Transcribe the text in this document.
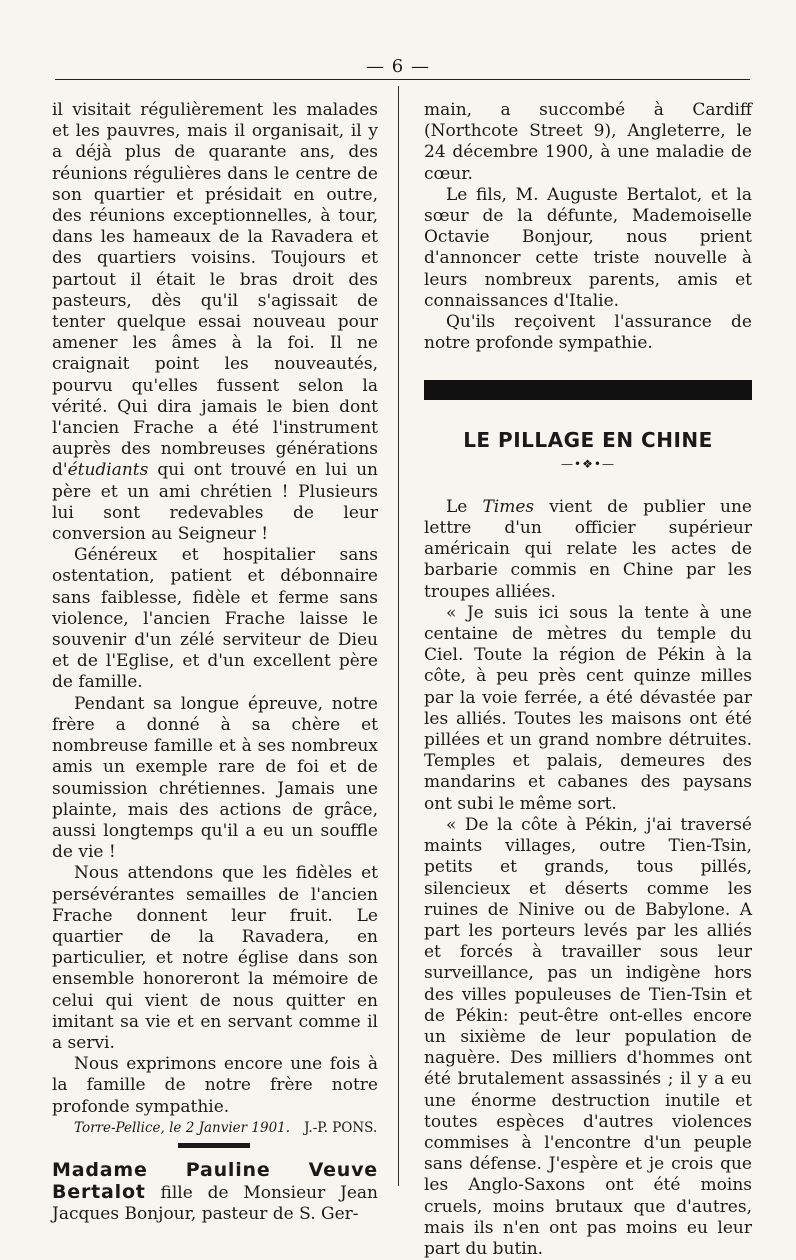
— 6 —

il visitait régulièrement les malades et les pauvres, mais il organisait, il y a déjà plus de quarante ans, des réunions régulières dans le centre de son quartier et présidait en outre, des réunions exceptionnelles, à tour, dans les hameaux de la Ravadera et des quartiers voisins. Toujours et partout il était le bras droit des pasteurs, dès qu'il s'agissait de tenter quelque essai nouveau pour amener les âmes à la foi. Il ne craignait point les nouveautés, pourvu qu'elles fussent selon la vérité. Qui dira jamais le bien dont l'ancien Frache a été l'instrument auprès des nombreuses générations d'étudiants qui ont trouvé en lui un père et un ami chrétien ! Plusieurs lui sont redevables de leur conversion au Seigneur !

Généreux et hospitalier sans ostentation, patient et débonnaire sans faiblesse, fidèle et ferme sans violence, l'ancien Frache laisse le souvenir d'un zélé serviteur de Dieu et de l'Eglise, et d'un excellent père de famille.

Pendant sa longue épreuve, notre frère a donné à sa chère et nombreuse famille et à ses nombreux amis un exemple rare de foi et de soumission chrétiennes. Jamais une plainte, mais des actions de grâce, aussi longtemps qu'il a eu un souffle de vie !

Nous attendons que les fidèles et persévérantes semailles de l'ancien Frache donnent leur fruit. Le quartier de la Ravadera, en particulier, et notre église dans son ensemble honoreront la mémoire de celui qui vient de nous quitter en imitant sa vie et en servant comme il a servi.

Nous exprimons encore une fois à la famille de notre frère notre profonde sympathie.

Torre-Pellice, le 2 Janvier 1901. J.-P. PONS.

Madame Pauline Veuve Bertalot fille de Monsieur Jean Jacques Bonjour, pasteur de S. Ger-

main, a succombé à Cardiff (Northcote Street 9), Angleterre, le 24 décembre 1900, à une maladie de cœur.

Le fils, M. Auguste Bertalot, et la sœur de la défunte, Mademoiselle Octavie Bonjour, nous prient d'annoncer cette triste nouvelle à leurs nombreux parents, amis et connaissances d'Italie.

Qu'ils reçoivent l'assurance de notre profonde sympathie.

LE PILLAGE EN CHINE
—•❖•—

Le Times vient de publier une lettre d'un officier supérieur américain qui relate les actes de barbarie commis en Chine par les troupes alliées.

« Je suis ici sous la tente à une centaine de mètres du temple du Ciel. Toute la région de Pékin à la côte, à peu près cent quinze milles par la voie ferrée, a été dévastée par les alliés. Toutes les maisons ont été pillées et un grand nombre détruites. Temples et palais, demeures des mandarins et cabanes des paysans ont subi le même sort.

« De la côte à Pékin, j'ai traversé maints villages, outre Tien-Tsin, petits et grands, tous pillés, silencieux et déserts comme les ruines de Ninive ou de Babylone. A part les porteurs levés par les alliés et forcés à travailler sous leur surveillance, pas un indigène hors des villes populeuses de Tien-Tsin et de Pékin: peut-être ont-elles encore un sixième de leur population de naguère. Des milliers d'hommes ont été brutalement assassinés ; il y a eu une énorme destruction inutile et toutes espèces d'autres violences commises à l'encontre d'un peuple sans défense. J'espère et je crois que les Anglo-Saxons ont été moins cruels, moins brutaux que d'autres, mais ils n'en ont pas moins eu leur part du butin.
